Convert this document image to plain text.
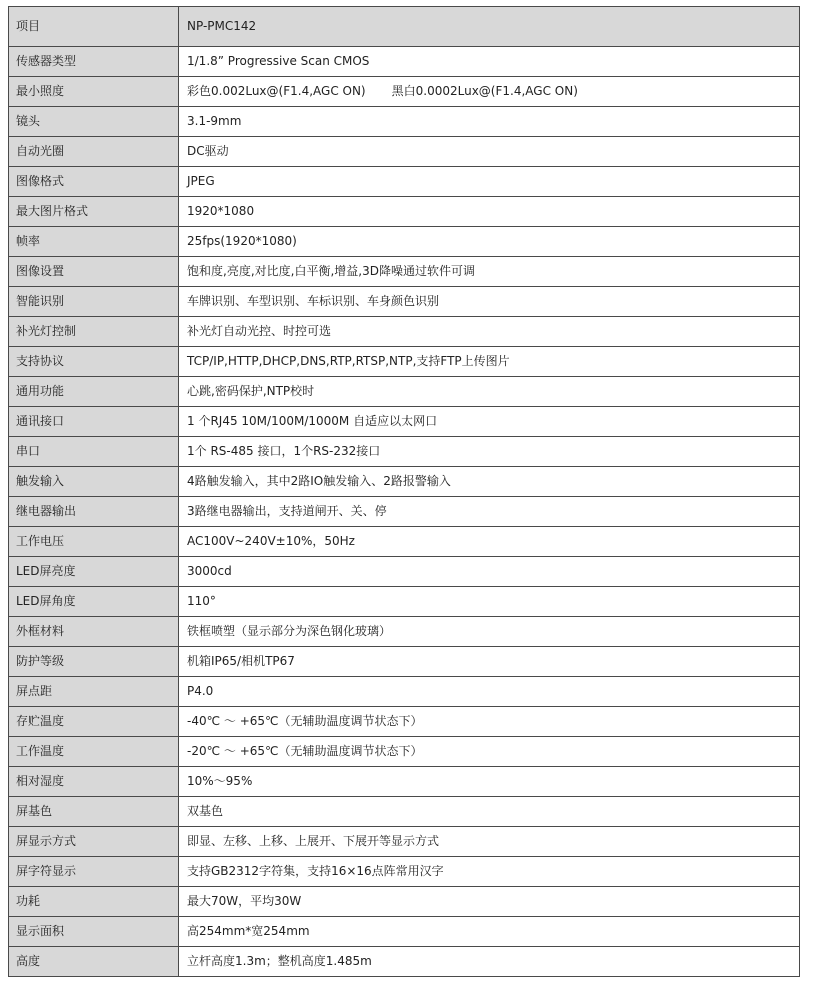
项目	NP-PMC142
传感器类型	1/1.8” Progressive Scan CMOS
最小照度	彩色0.002Lux@(F1.4,AGC ON) 黑白0.0002Lux@(F1.4,AGC ON)
镜头	3.1-9mm
自动光圈	DC驱动
图像格式	JPEG
最大图片格式	1920*1080
帧率	25fps(1920*1080)
图像设置	饱和度,亮度,对比度,白平衡,增益,3D降噪通过软件可调
智能识别	车牌识别、车型识别、车标识别、车身颜色识别
补光灯控制	补光灯自动光控、时控可选
支持协议	TCP/IP,HTTP,DHCP,DNS,RTP,RTSP,NTP,支持FTP上传图片
通用功能	心跳,密码保护,NTP校时
通讯接口	1 个RJ45 10M/100M/1000M 自适应以太网口
串口	1个 RS-485 接口，1个RS-232接口
触发输入	4路触发输入，其中2路IO触发输入、2路报警输入
继电器输出	3路继电器输出，支持道闸开、关、停
工作电压	AC100V~240V±10%，50Hz
LED屏亮度	3000cd
LED屏角度	110°
外框材料	铁框喷塑（显示部分为深色钢化玻璃）
防护等级	机箱IP65/相机TP67
屏点距	P4.0
存贮温度	-40℃ ～ +65℃（无辅助温度调节状态下）
工作温度	-20℃ ～ +65℃（无辅助温度调节状态下）
相对湿度	10%～95%
屏基色	双基色
屏显示方式	即显、左移、上移、上展开、下展开等显示方式
屏字符显示	支持GB2312字符集，支持16×16点阵常用汉字
功耗	最大70W，平均30W
显示面积	高254mm*宽254mm
高度	立杆高度1.3m；整机高度1.485m
